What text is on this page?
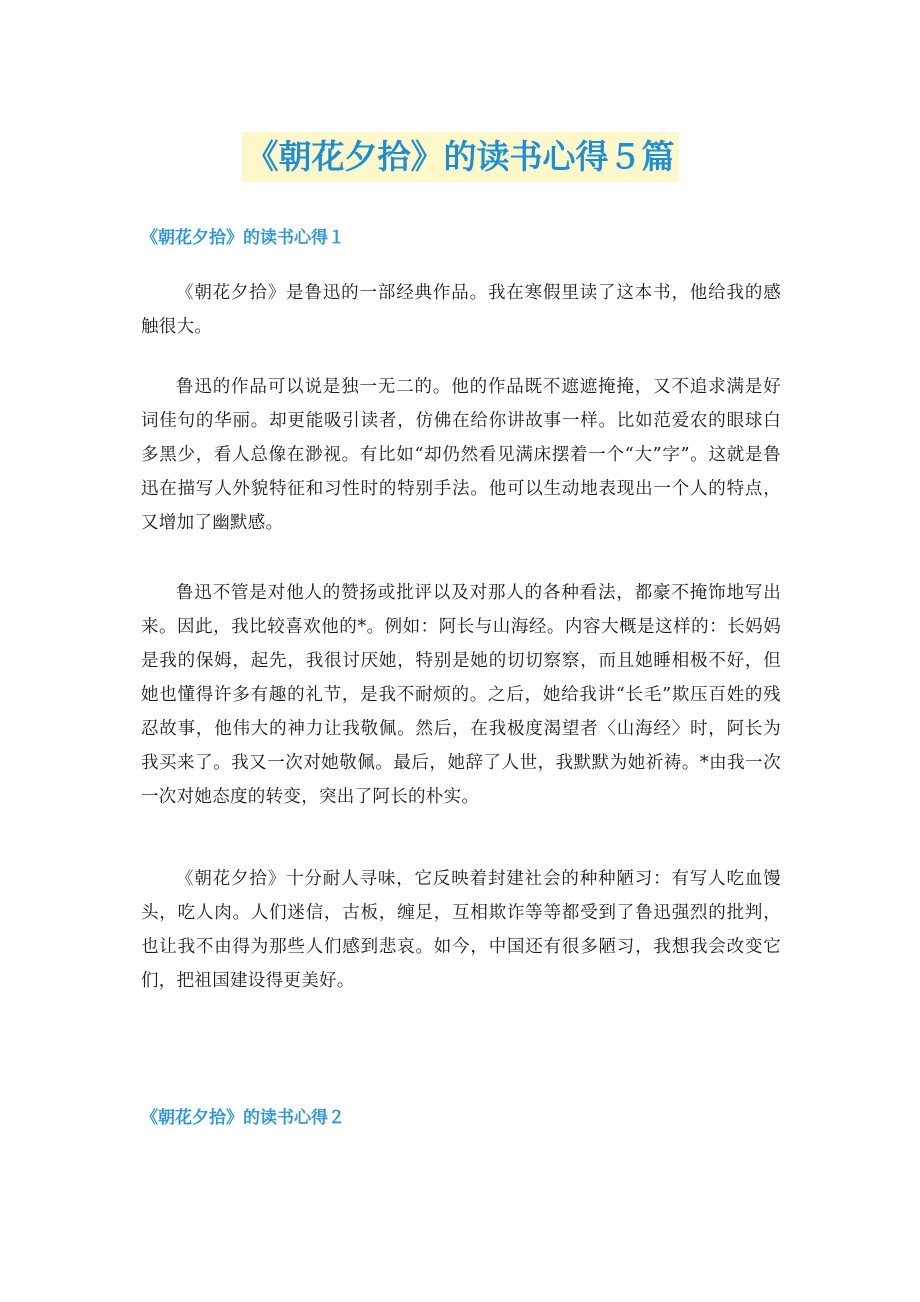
《朝花夕拾》的读书心得５篇
《朝花夕拾》的读书心得１

《朝花夕拾》是鲁迅的一部经典作品。我在寒假里读了这本书，他给我的感触很大。

鲁迅的作品可以说是独一无二的。他的作品既不遮遮掩掩，又不追求满是好词佳句的华丽。却更能吸引读者，仿佛在给你讲故事一样。比如范爱农的眼球白多黑少，看人总像在渺视。有比如“却仍然看见满床摆着一个“大”字”。这就是鲁迅在描写人外貌特征和习性时的特别手法。他可以生动地表现出一个人的特点，又增加了幽默感。

鲁迅不管是对他人的赞扬或批评以及对那人的各种看法，都豪不掩饰地写出来。因此，我比较喜欢他的*。例如：阿长与山海经。内容大概是这样的：长妈妈是我的保姆，起先，我很讨厌她，特别是她的切切察察，而且她睡相极不好，但她也懂得许多有趣的礼节，是我不耐烦的。之后，她给我讲“长毛”欺压百姓的残忍故事，他伟大的神力让我敬佩。然后，在我极度渴望者〈山海经〉时，阿长为我买来了。我又一次对她敬佩。最后，她辞了人世，我默默为她祈祷。*由我一次一次对她态度的转变，突出了阿长的朴实。

《朝花夕拾》十分耐人寻味，它反映着封建社会的种种陋习：有写人吃血馒头，吃人肉。人们迷信，古板，缠足，互相欺诈等等都受到了鲁迅强烈的批判，也让我不由得为那些人们感到悲哀。如今，中国还有很多陋习，我想我会改变它们，把祖国建设得更美好。

《朝花夕拾》的读书心得２
